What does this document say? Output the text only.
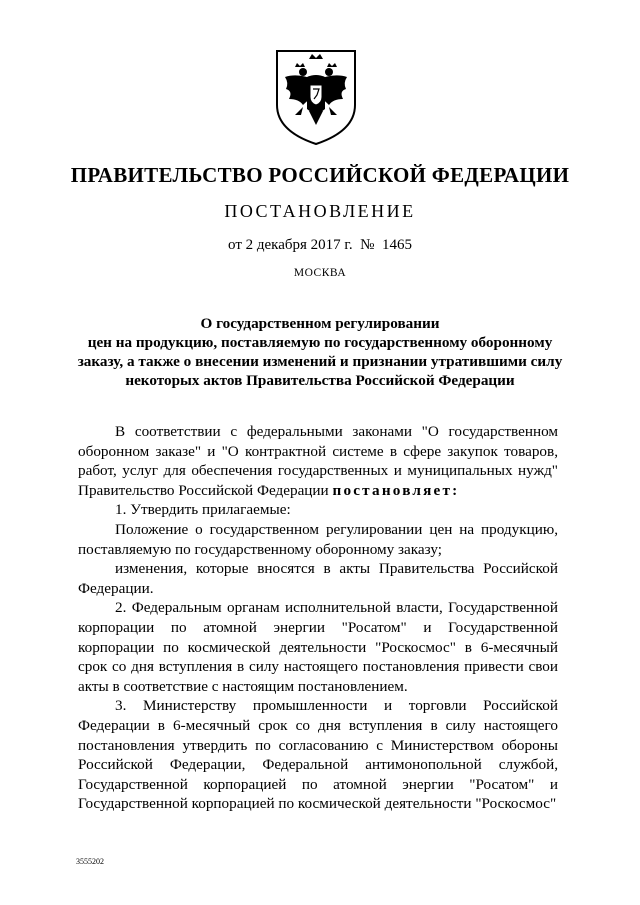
ПРАВИТЕЛЬСТВО РОССИЙСКОЙ ФЕДЕРАЦИИ
ПОСТАНОВЛЕНИЕ
от 2 декабря 2017 г.  №  1465
МОСКВА
О государственном регулировании
цен на продукцию, поставляемую по государственному оборонному
заказу, а также о внесении изменений и признании утратившими силу
некоторых актов Правительства Российской Федерации

В соответствии с федеральными законами "О государственном оборонном заказе" и "О контрактной системе в сфере закупок товаров, работ, услуг для обеспечения государственных и муниципальных нужд" Правительство Российской Федерации постановляет:

1. Утвердить прилагаемые:

Положение о государственном регулировании цен на продукцию, поставляемую по государственному оборонному заказу;

изменения, которые вносятся в акты Правительства Российской Федерации.

2. Федеральным органам исполнительной власти, Государственной корпорации по атомной энергии "Росатом" и Государственной корпорации по космической деятельности "Роскосмос" в 6-месячный срок со дня вступления в силу настоящего постановления привести свои акты в соответствие с настоящим постановлением.

3. Министерству промышленности и торговли Российской Федерации в 6-месячный срок со дня вступления в силу настоящего постановления утвердить по согласованию с Министерством обороны Российской Федерации, Федеральной антимонопольной службой, Государственной корпорацией по атомной энергии "Росатом" и Государственной корпорацией по космической деятельности "Роскосмос"

3555202
